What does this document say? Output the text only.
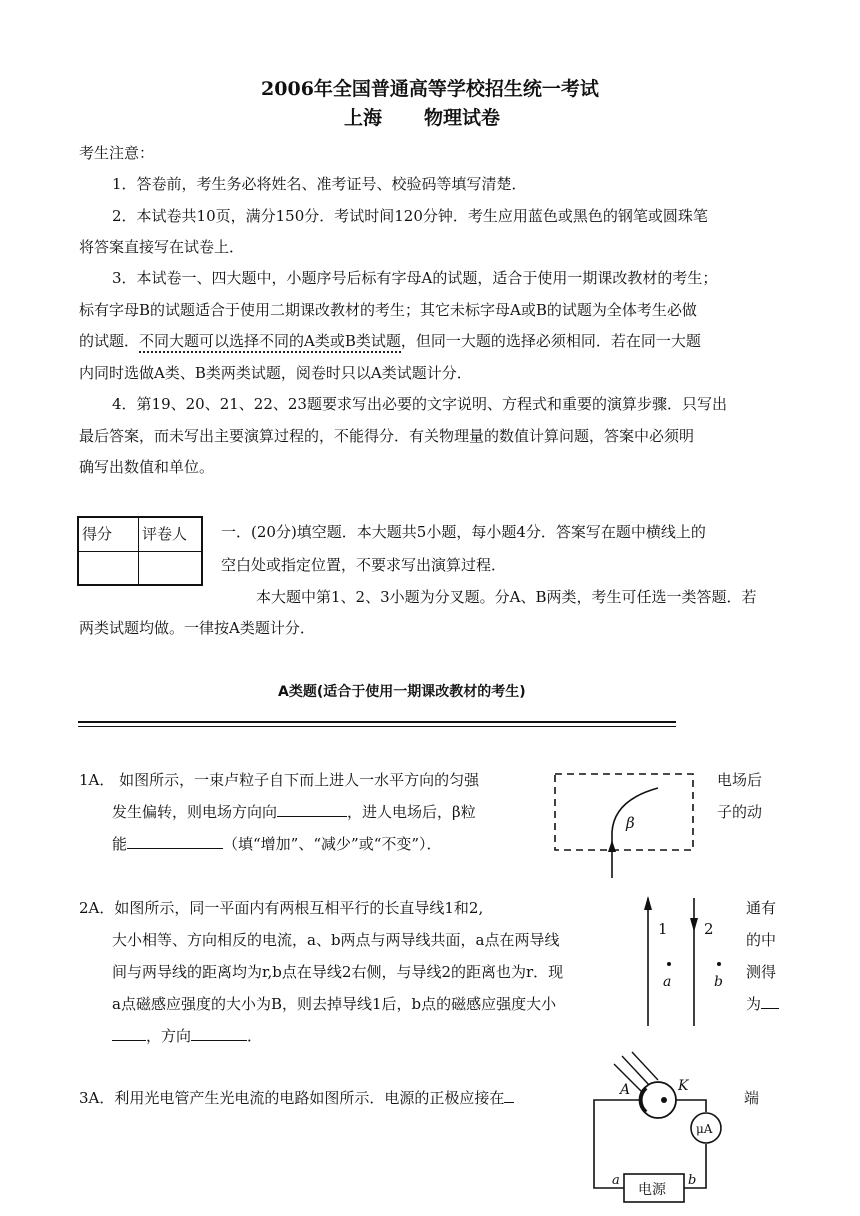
2006年全国普通高等学校招生统一考试
上海 物理试卷
考生注意：
1．答卷前，考生务必将姓名、准考证号、校验码等填写清楚．
2．本试卷共10页，满分150分．考试时间120分钟．考生应用蓝色或黑色的钢笔或圆珠笔
将答案直接写在试卷上．
3．本试卷一、四大题中，小题序号后标有字母A的试题，适合于使用一期课改教材的考生；
标有字母B的试题适合于使用二期课改教材的考生；其它未标字母A或B的试题为全体考生必做
的试题．不同大题可以选择不同的A类或B类试题，但同一大题的选择必须相同．若在同一大题
内同时选做A类、B类两类试题，阅卷时只以A类试题计分．
4．第19、20、21、22、23题要求写出必要的文字说明、方程式和重要的演算步骤．只写出
最后答案，而未写出主要演算过程的，不能得分．有关物理量的数值计算问题，答案中必须明
确写出数值和单位。
得分	评卷人	一．(20分)填空题．本大题共5小题，每小题4分．答案写在题中横线上的
空白处或指定位置，不要求写出演算过程．
本大题中第1、2、3小题为分叉题。分A、B两类，考生可任选一类答题．若
两类试题均做。一律按A类题计分．
A类题(适合于使用一期课改教材的考生)
1A． 如图所示，一束卢粒子自下而上进人一水平方向的匀强	电场后
发生偏转，则电场方向向	，进人电场后，β粒	子的动
能	（填“增加”、“减少”或“不变”）．
β
2A．如图所示，同一平面内有两根互相平行的长直导线1和2,	通有
大小相等、方向相反的电流，a、b两点与两导线共面，a点在两导线	的中
间与两导线的距离均为r,b点在导线2右侧，与导线2的距离也为r．现	测得
a点磁感应强度的大小为B，则去掉导线1后，b点的磁感应强度大小	为
，方向	．
1 2
a	b
3A．利用光电管产生光电流的电路如图所示．电源的正极应接在	端
A	K
μA
电源
a	b
